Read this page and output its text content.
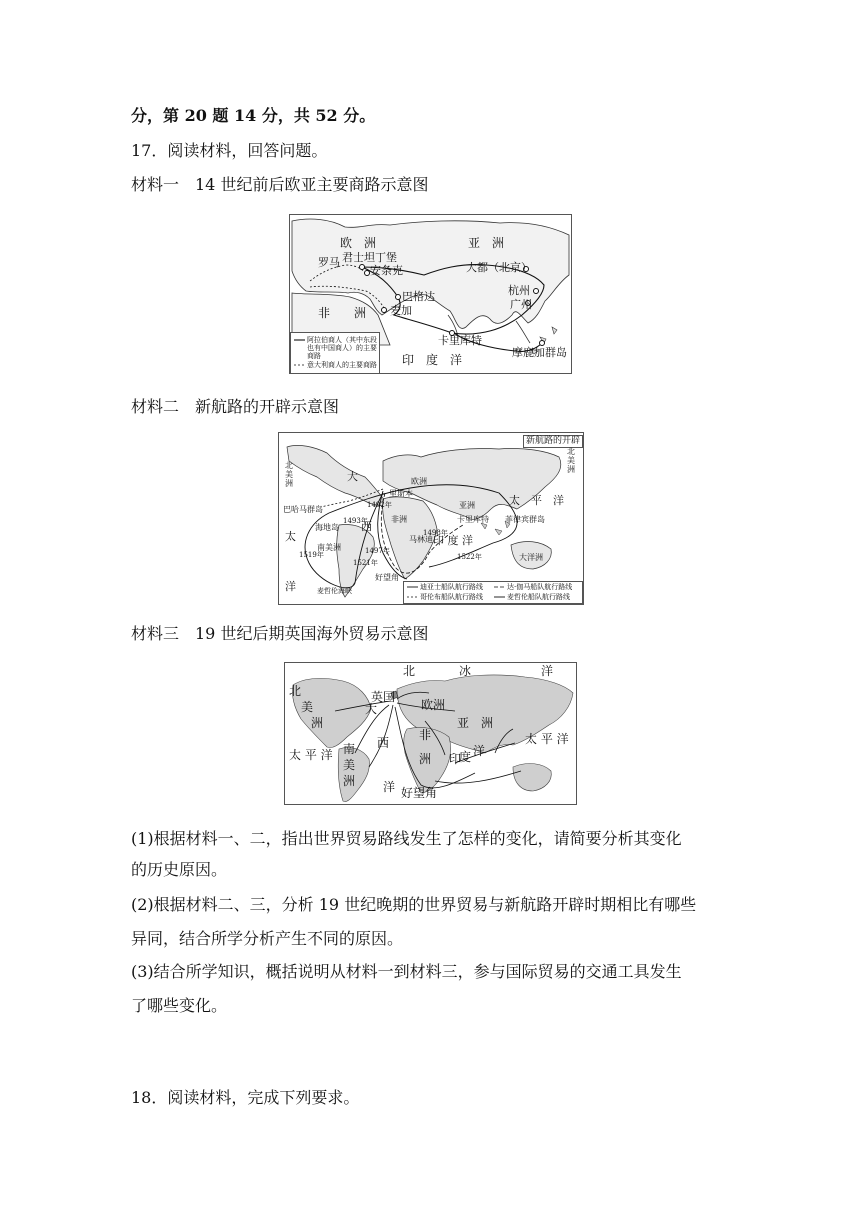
分，第 20 题 14 分，共 52 分。
17．阅读材料，回答问题。
材料一　14 世纪前后欧亚主要商路示意图
欧　洲	亚　洲
非　　洲
印　度　洋
君士坦丁堡
罗马
安条克
巴格达
麦加
卡里库特
大都（北京）
杭州
广州
摩鹿加群岛
阿拉伯商人（其中东段也有中国商人）的主要商路
意大利商人的主要商路
材料二　新航路的开辟示意图
新航路的开辟
北美洲
北美洲
南美洲
欧洲
亚洲
非洲
大洋洲
大
西
太　平　洋
太
洋
印 度 洋
里斯本
巴哈马群岛
海地岛
马林迪
卡里库特 菲律宾群岛
好望角
麦哲伦海峡
1492年
1493年
1519年
1521年
1497年
1498年
1522年
迪亚士船队航行路线	达·伽马船队航行路线
哥伦布船队航行路线	麦哲伦船队航行路线
材料三　19 世纪后期英国海外贸易示意图
北	冰	洋
北
美
洲
英国
欧洲
亚　洲
非
洲
南
美
洲
大
西
洋
太 平 洋
太 平 洋
印
度 洋
好望角
(1)根据材料一、二，指出世界贸易路线发生了怎样的变化，请简要分析其变化
的历史原因。
(2)根据材料二、三，分析 19 世纪晚期的世界贸易与新航路开辟时期相比有哪些
异同，结合所学分析产生不同的原因。
(3)结合所学知识，概括说明从材料一到材料三，参与国际贸易的交通工具发生
了哪些变化。
18．阅读材料，完成下列要求。
